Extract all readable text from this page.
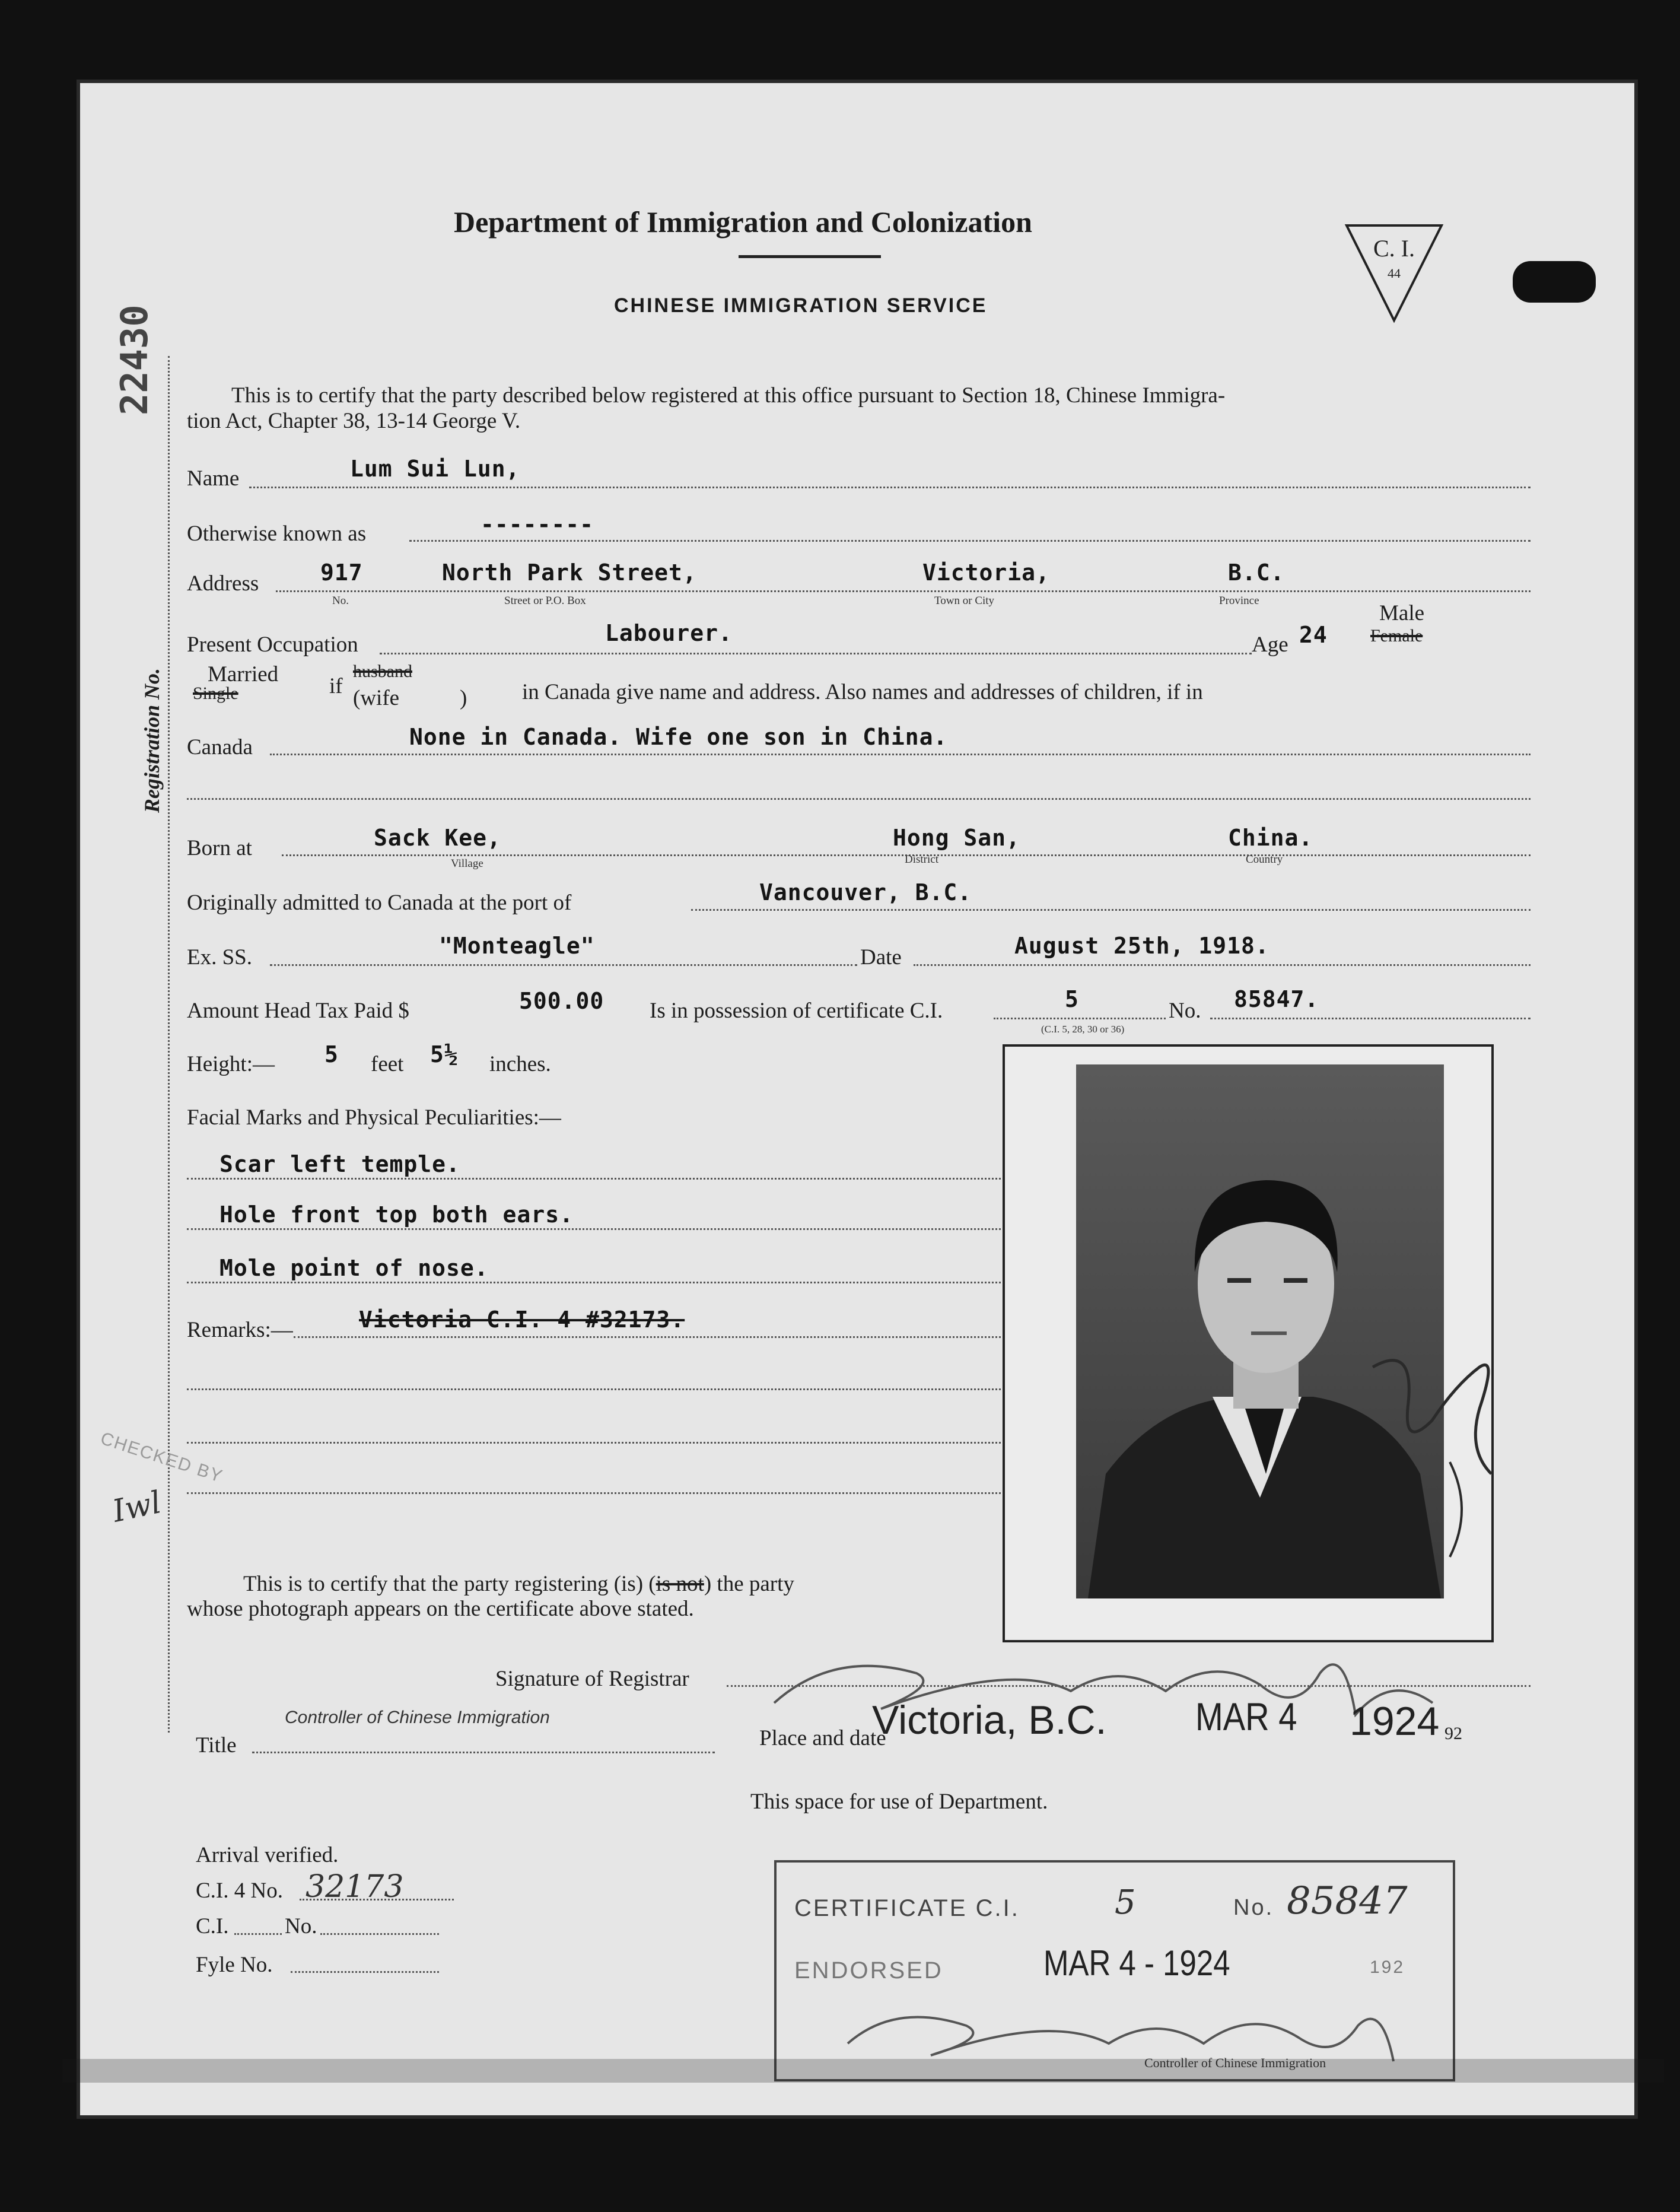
Department of Immigration and Colonization
CHINESE IMMIGRATION SERVICE
C. I.
44
22430
Registration No.
This is to certify that the party described below registered at this office pursuant to Section 18, Chinese Immigra-
tion Act, Chapter 38, 13-14 George V.
Name	Lum Sui Lun,
Otherwise known as	--------
Address	917	North Park Street,	Victoria,	B.C.
No.	Street or P.O. Box	Town or City	Province
Present Occupation	Labourer.	Age 24
Male
Female
Married
Single	if
husband
(wife	)	in Canada give name and address. Also names and addresses of children, if in
Canada	None in Canada. Wife one son in China.
Born at	Sack Kee,	Hong San,	China.
Village	District	Country
Originally admitted to Canada at the port of	Vancouver, B.C.
Ex. SS.	"Monteagle"	Date	August 25th, 1918.
Amount Head Tax Paid $	500.00 Is in possession of certificate C.I.	5	No. 85847.
(C.I. 5, 28, 30 or 36)
Height:— 5 feet 5½ inches.
Facial Marks and Physical Peculiarities:—
Scar left temple.
Hole front top both ears.
Mole point of nose.
Remarks:—	Victoria C.I. 4 #32173.
CHECKED BY
Iwl
This is to certify that the party registering (is) (is not) the party
whose photograph appears on the certificate above stated.
Signature of Registrar
Title
Controller of Chinese Immigration
Place and date
Victoria, B.C. MAR 4 1924 92
This space for use of Department.
Arrival verified.
C.I. 4 No. 32173
C.I.	No.
Fyle No.
CERTIFICATE C.I.	5	No. 85847
ENDORSED	MAR 4 - 1924	192
Controller of Chinese Immigration
